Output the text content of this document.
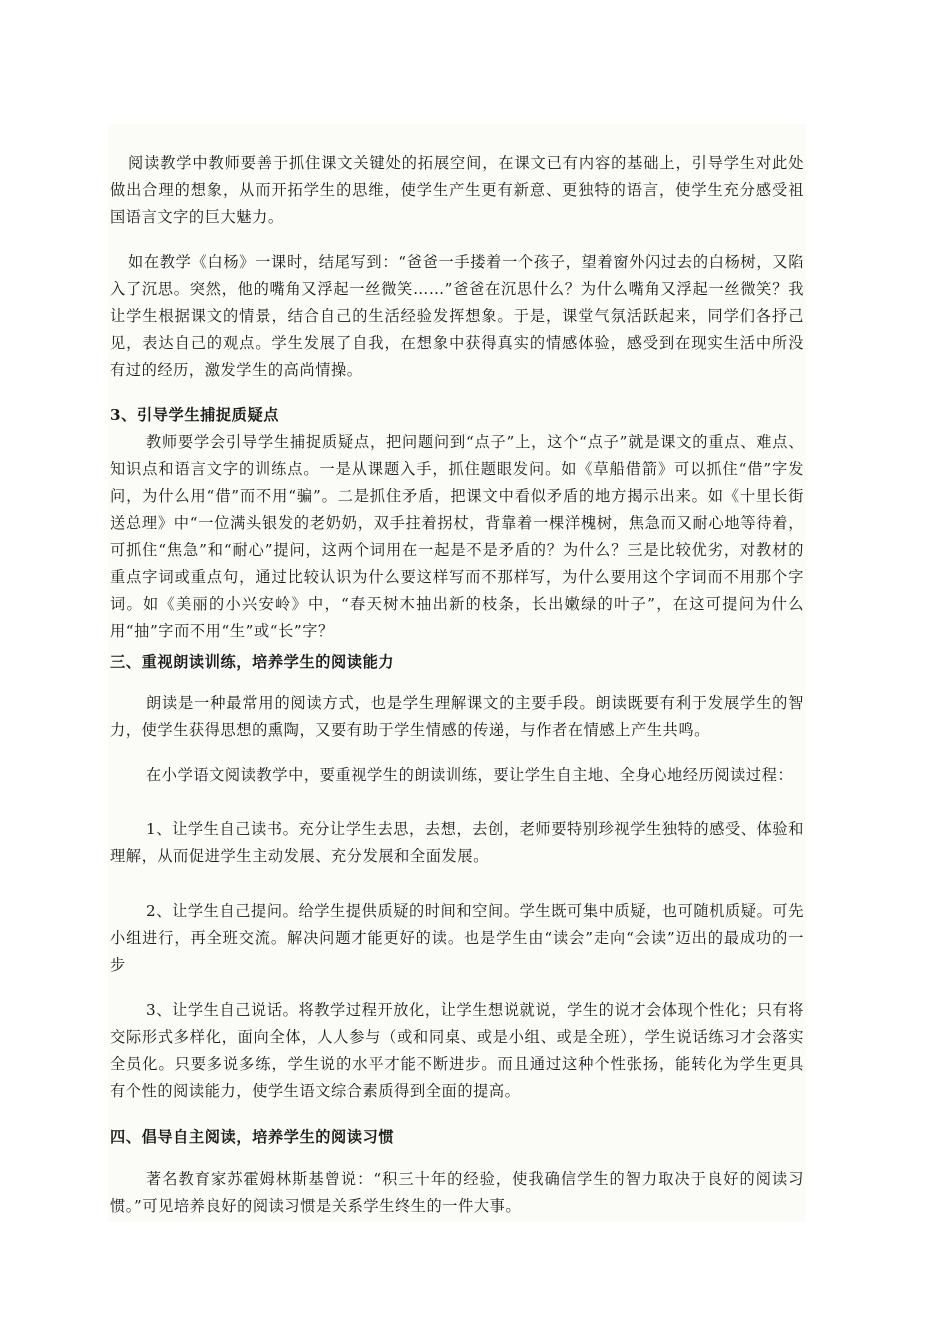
阅读教学中教师要善于抓住课文关键处的拓展空间，在课文已有内容的基础上，引导学生对此处做出合理的想象，从而开拓学生的思维，使学生产生更有新意、更独特的语言，使学生充分感受祖国语言文字的巨大魅力。

如在教学《白杨》一课时，结尾写到：“爸爸一手搂着一个孩子，望着窗外闪过去的白杨树，又陷入了沉思。突然，他的嘴角又浮起一丝微笑……”爸爸在沉思什么？为什么嘴角又浮起一丝微笑？我让学生根据课文的情景，结合自己的生活经验发挥想象。于是，课堂气氛活跃起来，同学们各抒己见，表达自己的观点。学生发展了自我，在想象中获得真实的情感体验，感受到在现实生活中所没有过的经历，激发学生的高尚情操。

3、引导学生捕捉质疑点

教师要学会引导学生捕捉质疑点，把问题问到“点子”上，这个“点子”就是课文的重点、难点、知识点和语言文字的训练点。一是从课题入手，抓住题眼发问。如《草船借箭》可以抓住“借”字发问，为什么用“借”而不用“骗”。二是抓住矛盾，把课文中看似矛盾的地方揭示出来。如《十里长街送总理》中“一位满头银发的老奶奶，双手拄着拐杖，背靠着一棵洋槐树，焦急而又耐心地等待着，可抓住“焦急”和“耐心”提问，这两个词用在一起是不是矛盾的？为什么？三是比较优劣，对教材的重点字词或重点句，通过比较认识为什么要这样写而不那样写，为什么要用这个字词而不用那个字词。如《美丽的小兴安岭》中，“春天树木抽出新的枝条，长出嫩绿的叶子”，在这可提问为什么用“抽”字而不用“生”或“长”字？

三、重视朗读训练，培养学生的阅读能力

朗读是一种最常用的阅读方式，也是学生理解课文的主要手段。朗读既要有利于发展学生的智力，使学生获得思想的熏陶，又要有助于学生情感的传递，与作者在情感上产生共鸣。

在小学语文阅读教学中，要重视学生的朗读训练，要让学生自主地、全身心地经历阅读过程：

1、让学生自己读书。充分让学生去思，去想，去创，老师要特别珍视学生独特的感受、体验和理解，从而促进学生主动发展、充分发展和全面发展。

2、让学生自己提问。给学生提供质疑的时间和空间。学生既可集中质疑，也可随机质疑。可先小组进行，再全班交流。解决问题才能更好的读。也是学生由“读会”走向“会读”迈出的最成功的一步

3、让学生自己说话。将教学过程开放化，让学生想说就说，学生的说才会体现个性化；只有将交际形式多样化，面向全体，人人参与（或和同桌、或是小组、或是全班），学生说话练习才会落实全员化。只要多说多练，学生说的水平才能不断进步。而且通过这种个性张扬，能转化为学生更具有个性的阅读能力，使学生语文综合素质得到全面的提高。

四、倡导自主阅读，培养学生的阅读习惯

著名教育家苏霍姆林斯基曾说：“积三十年的经验，使我确信学生的智力取决于良好的阅读习惯。”可见培养良好的阅读习惯是关系学生终生的一件大事。
